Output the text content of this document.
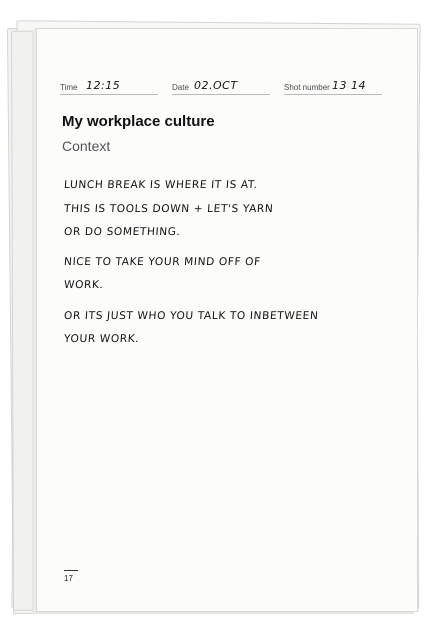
Time 12:15	Date 02.OCT	Shot number 13 14
My workplace culture
Context
LUNCH BREAK IS WHERE IT IS AT.
THIS IS TOOLS DOWN + LET'S YARN
OR DO SOMETHING.
NICE TO TAKE YOUR MIND OFF OF
WORK.
OR ITS JUST WHO YOU TALK TO INBETWEEN
YOUR WORK.
17
